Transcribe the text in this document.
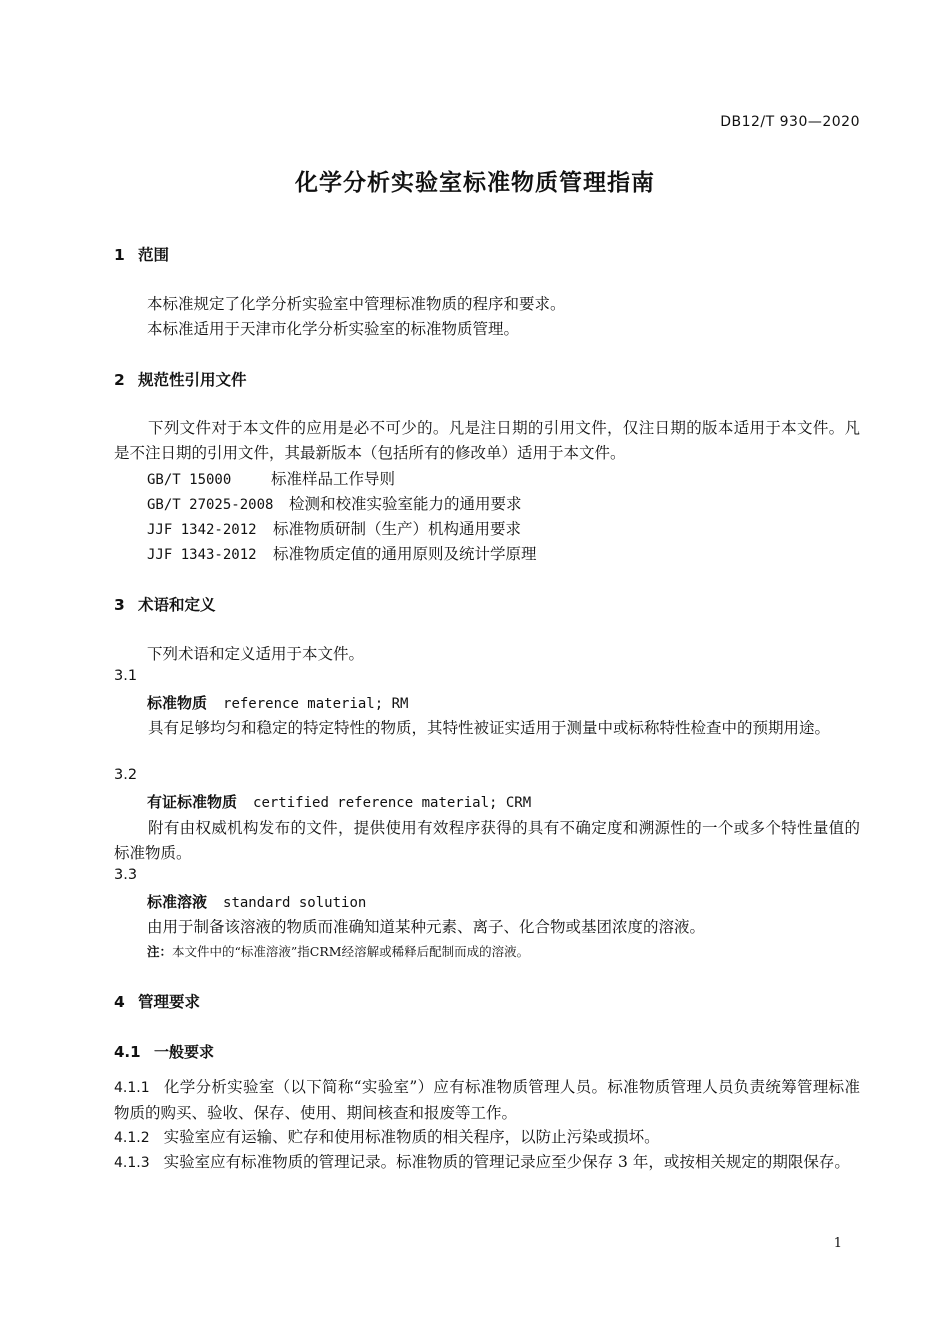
DB12/T 930—2020
化学分析实验室标准物质管理指南
1 范围
本标准规定了化学分析实验室中管理标准物质的程序和要求。
本标准适用于天津市化学分析实验室的标准物质管理。
2 规范性引用文件
下列文件对于本文件的应用是必不可少的。凡是注日期的引用文件，仅注日期的版本适用于本文件。凡是不注日期的引用文件，其最新版本（包括所有的修改单）适用于本文件。
GB/T 15000	标准样品工作导则
GB/T 27025-2008 检测和校准实验室能力的通用要求
JJF 1342-2012 标准物质研制（生产）机构通用要求
JJF 1343-2012 标准物质定值的通用原则及统计学原理
3 术语和定义
下列术语和定义适用于本文件。
3.1
标准物质 reference material; RM
具有足够均匀和稳定的特定特性的物质，其特性被证实适用于测量中或标称特性检查中的预期用途。
3.2
有证标准物质 certified reference material; CRM
附有由权威机构发布的文件，提供使用有效程序获得的具有不确定度和溯源性的一个或多个特性量值的标准物质。
3.3
标准溶液 standard solution
由用于制备该溶液的物质而准确知道某种元素、离子、化合物或基团浓度的溶液。
注：本文件中的“标准溶液”指CRM经溶解或稀释后配制而成的溶液。
4 管理要求
4.1 一般要求
4.1.1 化学分析实验室（以下简称“实验室”）应有标准物质管理人员。标准物质管理人员负责统筹管理标准物质的购买、验收、保存、使用、期间核查和报废等工作。
4.1.2 实验室应有运输、贮存和使用标准物质的相关程序，以防止污染或损坏。
4.1.3 实验室应有标准物质的管理记录。标准物质的管理记录应至少保存 3 年，或按相关规定的期限保存。
1
